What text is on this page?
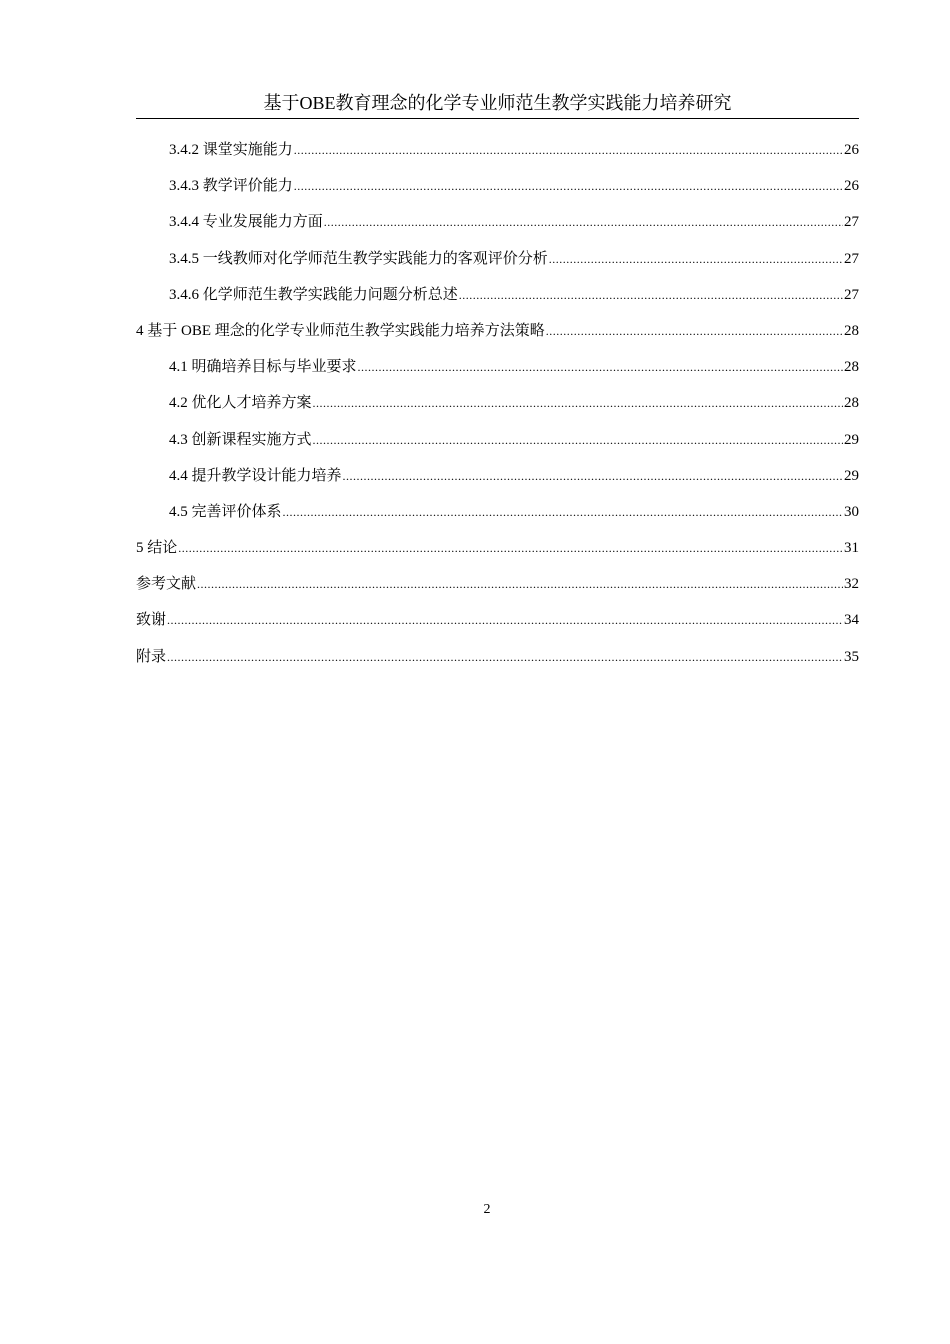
基于OBE教育理念的化学专业师范生教学实践能力培养研究
3.4.2 课堂实施能力 .....	26
3.4.3 教学评价能力 .....	26
3.4.4 专业发展能力方面 .....	27
3.4.5 一线教师对化学师范生教学实践能力的客观评价分析 .....	27
3.4.6 化学师范生教学实践能力问题分析总述 .....	27
4 基于 OBE 理念的化学专业师范生教学实践能力培养方法策略 .....	28
4.1 明确培养目标与毕业要求 .....	28
4.2 优化人才培养方案 .....	28
4.3 创新课程实施方式 .....	29
4.4 提升教学设计能力培养 .....	29
4.5 完善评价体系 .....	30
5 结论 .....	31
参考文献 .....	32
致谢 .....	34
附录 .....	35
2
